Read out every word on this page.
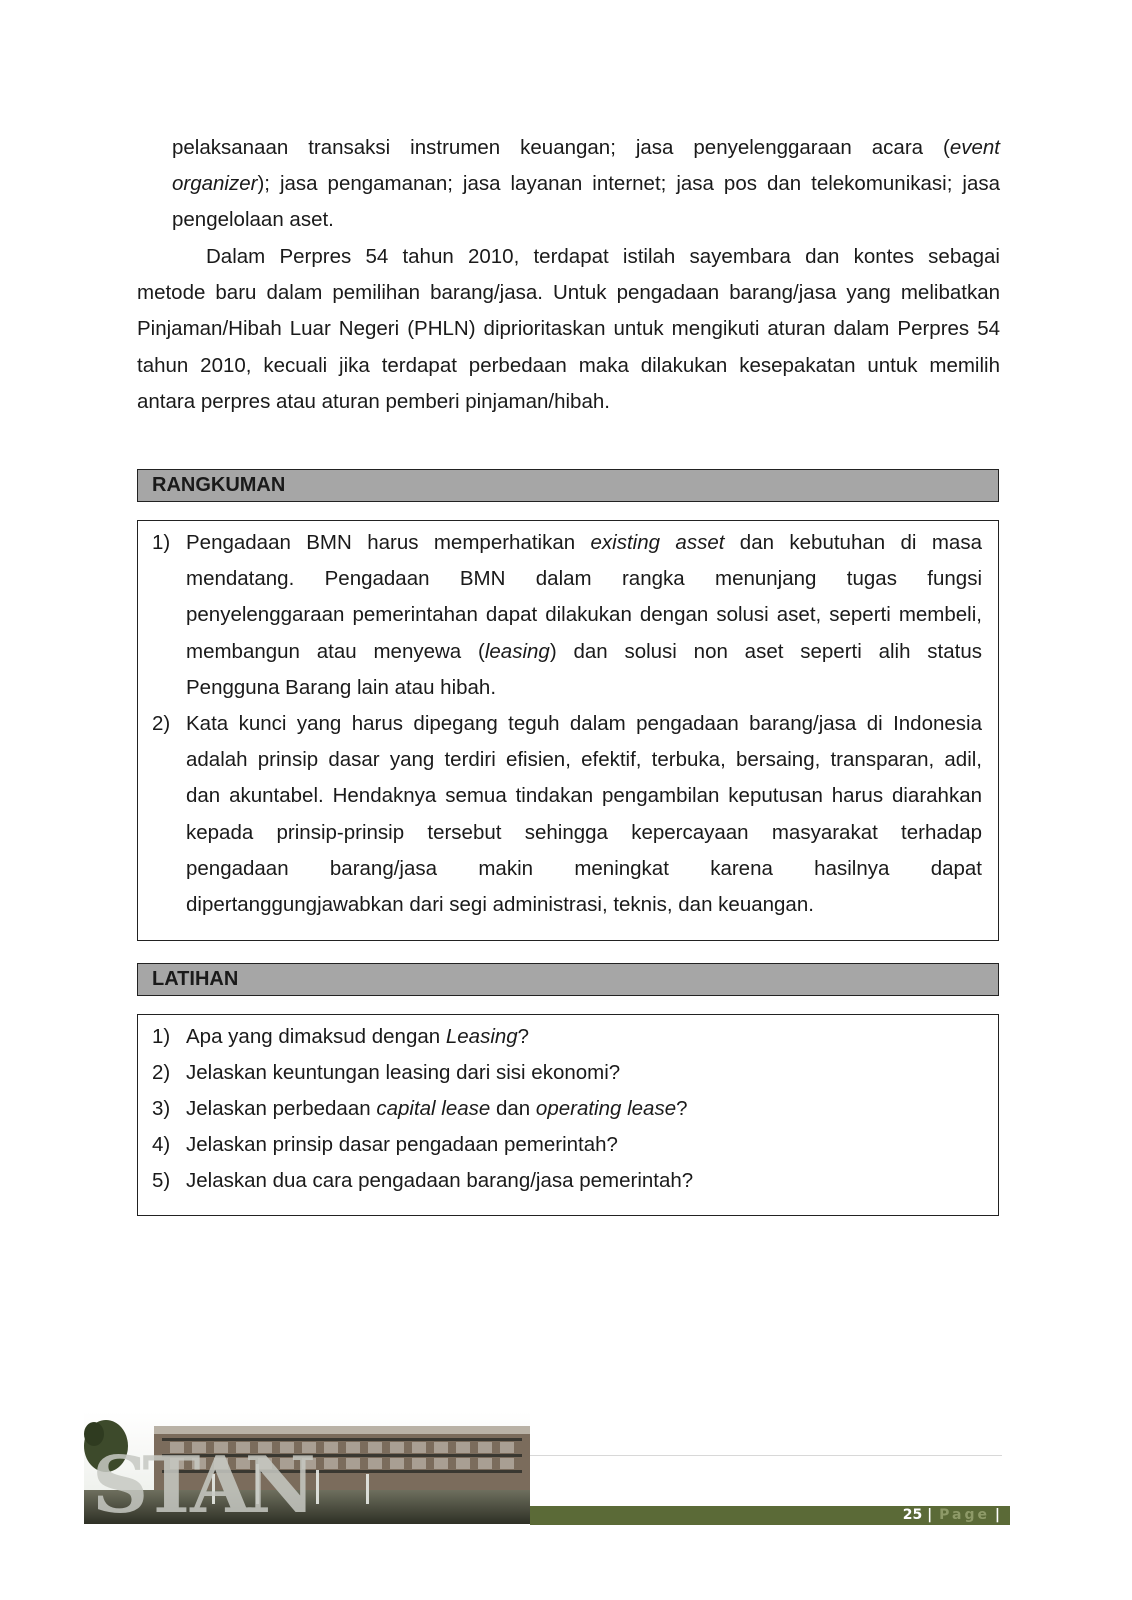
pelaksanaan transaksi instrumen keuangan; jasa penyelenggaraan acara (event
organizer); jasa pengamanan; jasa layanan internet; jasa pos dan telekomunikasi; jasa
pengelolaan aset.
Dalam Perpres 54 tahun 2010, terdapat istilah sayembara dan kontes sebagai
metode baru dalam pemilihan barang/jasa. Untuk pengadaan barang/jasa yang melibatkan
Pinjaman/Hibah Luar Negeri (PHLN) diprioritaskan untuk mengikuti aturan dalam Perpres 54
tahun 2010, kecuali jika terdapat perbedaan maka dilakukan kesepakatan untuk memilih
antara perpres atau aturan pemberi pinjaman/hibah.
RANGKUMAN
1) Pengadaan BMN harus memperhatikan existing asset dan kebutuhan di masa
mendatang. Pengadaan BMN dalam rangka menunjang tugas fungsi
penyelenggaraan pemerintahan dapat dilakukan dengan solusi aset, seperti membeli,
membangun atau menyewa (leasing) dan solusi non aset seperti alih status
Pengguna Barang lain atau hibah.
2) Kata kunci yang harus dipegang teguh dalam pengadaan barang/jasa di Indonesia
adalah prinsip dasar yang terdiri efisien, efektif, terbuka, bersaing, transparan, adil,
dan akuntabel. Hendaknya semua tindakan pengambilan keputusan harus diarahkan
kepada prinsip-prinsip tersebut sehingga kepercayaan masyarakat terhadap
pengadaan barang/jasa makin meningkat karena hasilnya dapat
dipertanggungjawabkan dari segi administrasi, teknis, dan keuangan.
LATIHAN
1) Apa yang dimaksud dengan Leasing?
2) Jelaskan keuntungan leasing dari sisi ekonomi?
3) Jelaskan perbedaan capital lease dan operating lease?
4) Jelaskan prinsip dasar pengadaan pemerintah?
5) Jelaskan dua cara pengadaan barang/jasa pemerintah?
STAN	25 | Page |
